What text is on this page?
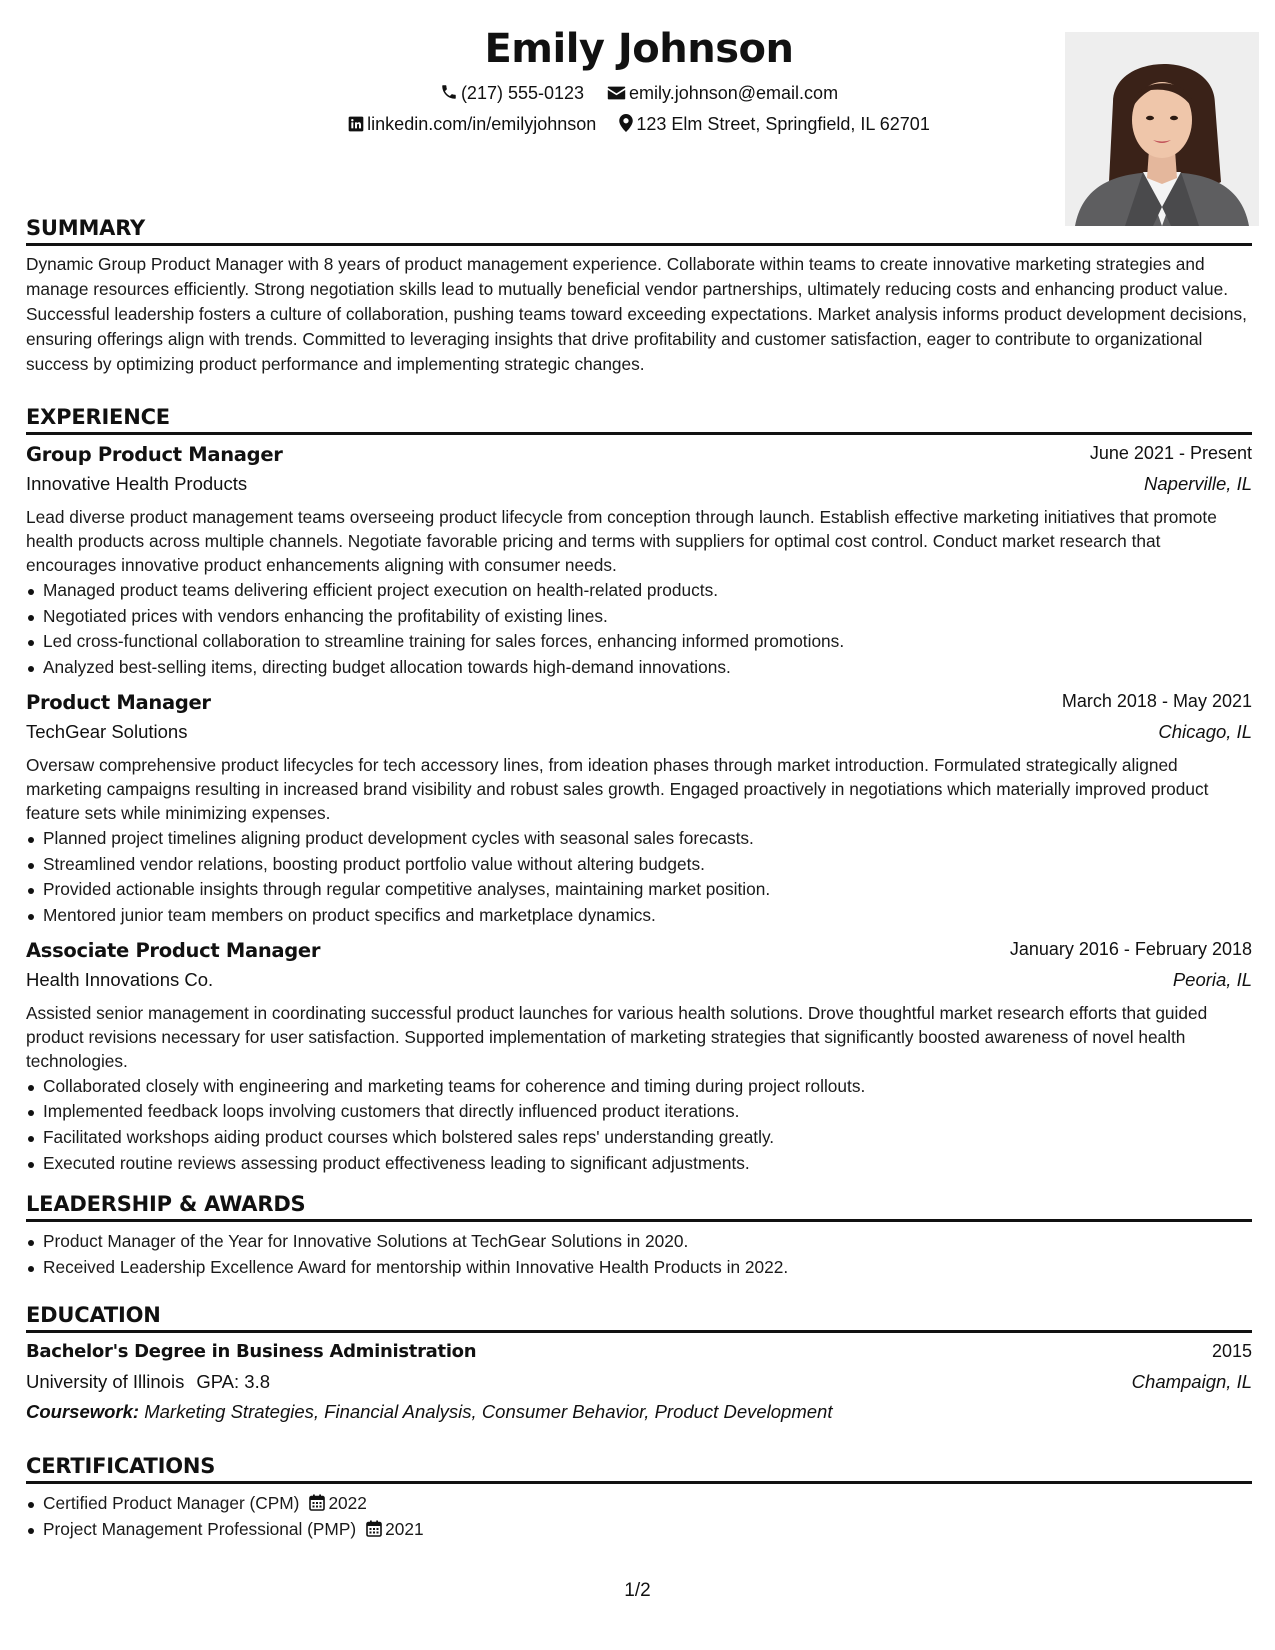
Emily Johnson
(217) 555-0123	emily.johnson@email.com
linkedin.com/in/emilyjohnson 123 Elm Street, Springfield, IL 62701
SUMMARY
Dynamic Group Product Manager with 8 years of product management experience. Collaborate within teams to create innovative marketing strategies and manage resources efficiently. Strong negotiation skills lead to mutually beneficial vendor partnerships, ultimately reducing costs and enhancing product value. Successful leadership fosters a culture of collaboration, pushing teams toward exceeding expectations. Market analysis informs product development decisions, ensuring offerings align with trends. Committed to leveraging insights that drive profitability and customer satisfaction, eager to contribute to organizational success by optimizing product performance and implementing strategic changes.
EXPERIENCE
Group Product Manager	June 2021 - Present
Innovative Health Products	Naperville, IL
Lead diverse product management teams overseeing product lifecycle from conception through launch. Establish effective marketing initiatives that promote health products across multiple channels. Negotiate favorable pricing and terms with suppliers for optimal cost control. Conduct market research that encourages innovative product enhancements aligning with consumer needs.
Managed product teams delivering efficient project execution on health-related products.
Negotiated prices with vendors enhancing the profitability of existing lines.
Led cross-functional collaboration to streamline training for sales forces, enhancing informed promotions.
Analyzed best-selling items, directing budget allocation towards high-demand innovations.
Product Manager	March 2018 - May 2021
TechGear Solutions	Chicago, IL
Oversaw comprehensive product lifecycles for tech accessory lines, from ideation phases through market introduction. Formulated strategically aligned marketing campaigns resulting in increased brand visibility and robust sales growth. Engaged proactively in negotiations which materially improved product feature sets while minimizing expenses.
Planned project timelines aligning product development cycles with seasonal sales forecasts.
Streamlined vendor relations, boosting product portfolio value without altering budgets.
Provided actionable insights through regular competitive analyses, maintaining market position.
Mentored junior team members on product specifics and marketplace dynamics.
Associate Product Manager	January 2016 - February 2018
Health Innovations Co.	Peoria, IL
Assisted senior management in coordinating successful product launches for various health solutions. Drove thoughtful market research efforts that guided product revisions necessary for user satisfaction. Supported implementation of marketing strategies that significantly boosted awareness of novel health technologies.
Collaborated closely with engineering and marketing teams for coherence and timing during project rollouts.
Implemented feedback loops involving customers that directly influenced product iterations.
Facilitated workshops aiding product courses which bolstered sales reps' understanding greatly.
Executed routine reviews assessing product effectiveness leading to significant adjustments.
LEADERSHIP & AWARDS
Product Manager of the Year for Innovative Solutions at TechGear Solutions in 2020.
Received Leadership Excellence Award for mentorship within Innovative Health Products in 2022.
EDUCATION
Bachelor's Degree in Business Administration	2015
University of Illinois GPA: 3.8	Champaign, IL
Coursework: Marketing Strategies, Financial Analysis, Consumer Behavior, Product Development
CERTIFICATIONS
Certified Product Manager (CPM) 2022
Project Management Professional (PMP) 2021
1/2
